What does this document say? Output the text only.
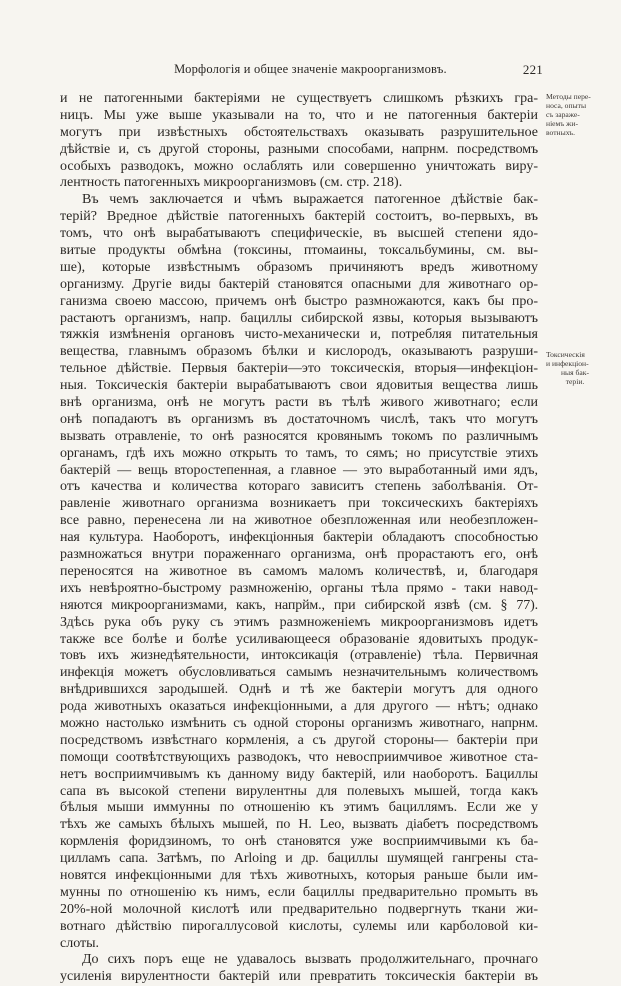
Морфологія и общее значеніе макроорганизмовъ.	221
и не патогенными бактеріями не существуетъ слишкомъ рѣзкихъ гра-
ницъ. Мы уже выше указывали на то, что и не патогенныя бактеріи
могутъ при извѣстныхъ обстоятельствахъ оказывать разрушительное
дѣйствіе и, съ другой стороны, разными способами, напрнм. посредствомъ
особыхъ разводокъ, можно ослаблять или совершенно уничтожать виру-
лентность патогенныхъ микроорганизмовъ (см. стр. 218).
Въ чемъ заключается и чѣмъ выражается патогенное дѣйствіе бак-
терій? Вредное дѣйствіе патогенныхъ бактерій состоитъ, во-первыхъ, въ
томъ, что онѣ вырабатываютъ специфическіе, въ высшей степени ядо-
витые продукты обмѣна (токсины, птомаины, токсальбумины, см. вы-
ше), которые извѣстнымъ образомъ причиняютъ вредъ животному
организму. Другіе виды бактерій становятся опасными для животнаго ор-
ганизма своею массою, причемъ онѣ быстро размножаются, какъ бы про-
растаютъ организмъ, напр. бациллы сибирской язвы, которыя вызываютъ
тяжкія измѣненія органовъ чисто-механически и, потребляя питательныя
вещества, главнымъ образомъ бѣлки и кислородъ, оказываютъ разруши-
тельное дѣйствіе. Первыя бактеріи—это токсическія, вторыя—инфекціон-
ныя. Токсическія бактеріи вырабатываютъ свои ядовитыя вещества лишь
внѣ организма, онѣ не могутъ расти въ тѣлѣ живого животнаго; если
онѣ попадаютъ въ организмъ въ достаточномъ числѣ, такъ что могутъ
вызвать отравленіе, то онѣ разносятся кровянымъ токомъ по различнымъ
органамъ, гдѣ ихъ можно открыть то тамъ, то сямъ; но присутствіе этихъ
бактерій — вещь второстепенная, а главное — это выработанный ими ядъ,
отъ качества и количества котораго зависитъ степень заболѣванія. От-
равленіе животнаго организма возникаетъ при токсическихъ бактеріяхъ
все равно, перенесена ли на животное обезпложенная или необезпложен-
ная культура. Наоборотъ, инфекціонныя бактеріи обладаютъ способностью
размножаться внутри пораженнаго организма, онѣ прорастаютъ его, онѣ
переносятся на животное въ самомъ маломъ количествѣ, и, благодаря
ихъ невѣроятно-быстрому размноженію, органы тѣла прямо - таки навод-
няются микроорганизмами, какъ, напрйм., при сибирской язвѣ (см. § 77).
Здѣсь рука объ руку съ этимъ размноженіемъ микроорганизмовъ идетъ
также все болѣе и болѣе усиливающееся образованіе ядовитыхъ продук-
товъ ихъ жизнедѣятельности, интоксикація (отравленіе) тѣла. Первичная
инфекція можетъ обусловливаться самымъ незначительнымъ количествомъ
внѣдрившихся зародышей. Однѣ и тѣ же бактеріи могутъ для одного
рода животныхъ оказаться инфекціонными, а для другого — нѣтъ; однако
можно настолько измѣнить съ одной стороны организмъ животнаго, напрнм.
посредствомъ извѣстнаго кормленія, а съ другой стороны— бактеріи при
помощи соотвѣтствующихъ разводокъ, что невосприимчивое животное ста-
нетъ восприимчивымъ къ данному виду бактерій, или наоборотъ. Бациллы
сапа въ высокой степени вирулентны для полевыхъ мышей, тогда какъ
бѣлыя мыши иммунны по отношенію къ этимъ бациллямъ. Если же у
тѣхъ же самыхъ бѣлыхъ мышей, по Н. Leo, вызвать діабетъ посредствомъ
кормленія форидзиномъ, то онѣ становятся уже восприимчивыми къ ба-
цилламъ сапа. Затѣмъ, по Arloing и др. бациллы шумящей гангрены ста-
новятся инфекціонными для тѣхъ животныхъ, которыя раньше были им-
мунны по отношенію къ нимъ, если бациллы предварительно промыть въ
20%-ной молочной кислотѣ или предварительно подвергнуть ткани жи-
вотнаго дѣйствію пирогаллусовой кислоты, сулемы или карболовой ки-
слоты.
До сихъ поръ еще не удавалось вызвать продолжительнаго, прочнаго
усиленія вирулентности бактерій или превратить токсическія бактеріи въ
Методы пере-
носа, опыты
съ зараже-
ніемъ жи-
вотныхъ.
Токсическія
и инфекціон-
ныя бак-
теріи.
